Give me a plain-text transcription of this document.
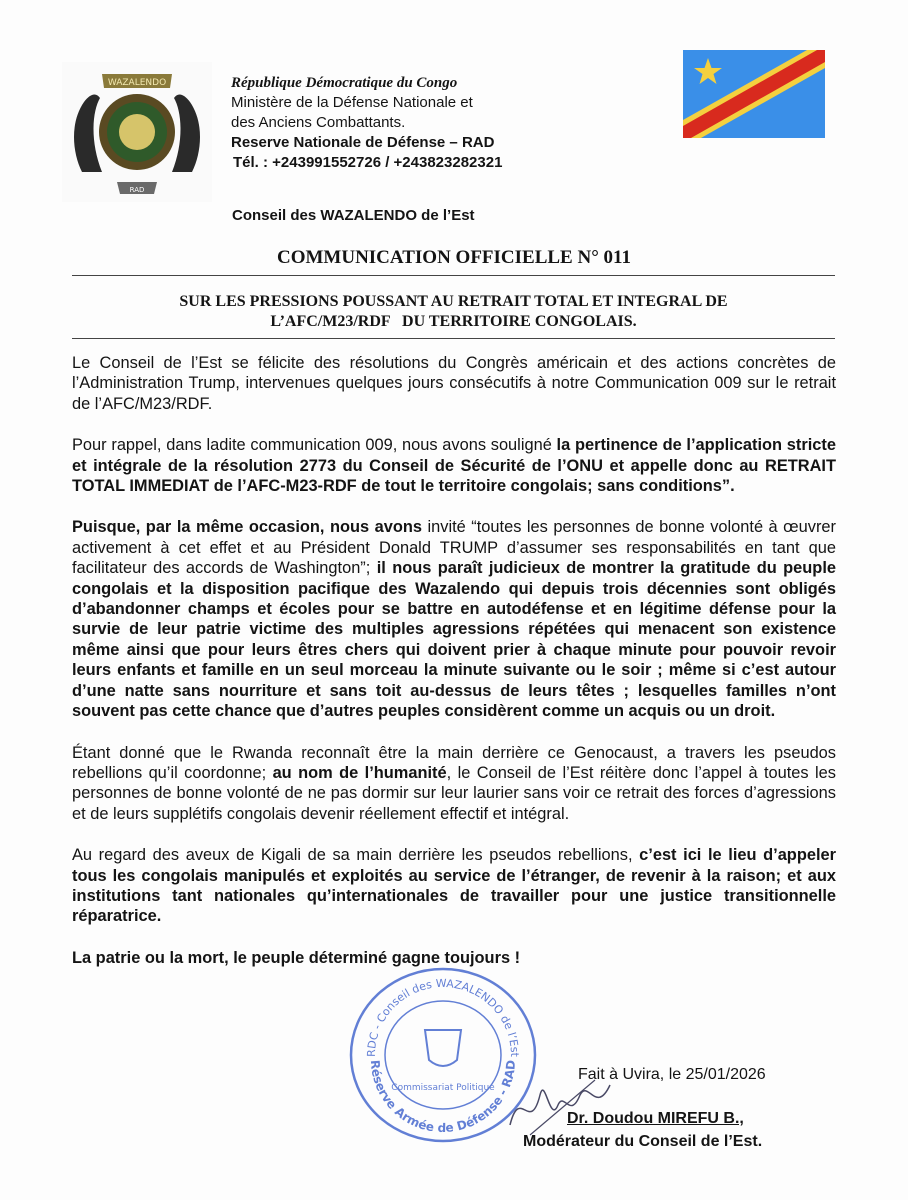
WAZALENDO
RAD
République Démocratique du Congo
Ministère de la Défense Nationale et
des Anciens Combattants.
Reserve Nationale de Défense – RAD
Tél. : +243991552726 / +243823282321
Conseil des WAZALENDO de l’Est
COMMUNICATION OFFICIELLE N° 011
SUR LES PRESSIONS POUSSANT AU RETRAIT TOTAL ET INTEGRAL DE
L’AFC/M23/RDF   DU TERRITOIRE CONGOLAIS.

Le Conseil de l’Est se félicite des résolutions du Congrès américain et des actions concrètes de l’Administration Trump, intervenues quelques jours consécutifs à notre Communication 009 sur le retrait de l’AFC/M23/RDF.

Pour rappel, dans ladite communication 009, nous avons souligné la pertinence de l’application stricte et intégrale de la résolution 2773 du Conseil de Sécurité de l’ONU et appelle donc au RETRAIT TOTAL IMMEDIAT de l’AFC-M23-RDF de tout le territoire congolais; sans conditions”.

Puisque, par la même occasion, nous avons invité “toutes les personnes de bonne volonté à œuvrer activement à cet effet et au Président Donald TRUMP d’assumer ses responsabilités en tant que facilitateur des accords de Washington”; il nous paraît judicieux de montrer la gratitude du peuple congolais et la disposition pacifique des Wazalendo qui depuis trois décennies sont obligés d’abandonner champs et écoles pour se battre en autodéfense et en légitime défense pour la survie de leur patrie victime des multiples agressions répétées qui menacent son existence même ainsi que pour leurs êtres chers qui doivent prier à chaque minute pour pouvoir revoir leurs enfants et famille en un seul morceau la minute suivante ou le soir ; même si c’est autour d’une natte sans nourriture et sans toit au-dessus de leurs têtes ; lesquelles familles n’ont souvent pas cette chance que d’autres peuples considèrent comme un acquis ou un droit.

Étant donné que le Rwanda reconnaît être la main derrière ce Genocaust, a travers les pseudos rebellions qu’il coordonne; au nom de l’humanité, le Conseil de l’Est réitère donc l’appel à toutes les personnes de bonne volonté de ne pas dormir sur leur laurier sans voir ce retrait des forces d’agressions et de leurs supplétifs congolais devenir réellement effectif et intégral.

Au regard des aveux de Kigali de sa main derrière les pseudos rebellions, c’est ici le lieu d’appeler tous les congolais manipulés et exploités au service de l’étranger, de revenir à la raison; et aux institutions tant nationales qu’internationales de travailler pour une justice transitionnelle réparatrice.

La patrie ou la mort, le peuple déterminé gagne toujours !

RDC - Conseil des WAZALENDO de l’Est
Réserve Armée de Défense - RAD
Commissariat Politique
Fait à Uvira, le 25/01/2026
Dr. Doudou MIREFU B.,
Modérateur du Conseil de l’Est.
